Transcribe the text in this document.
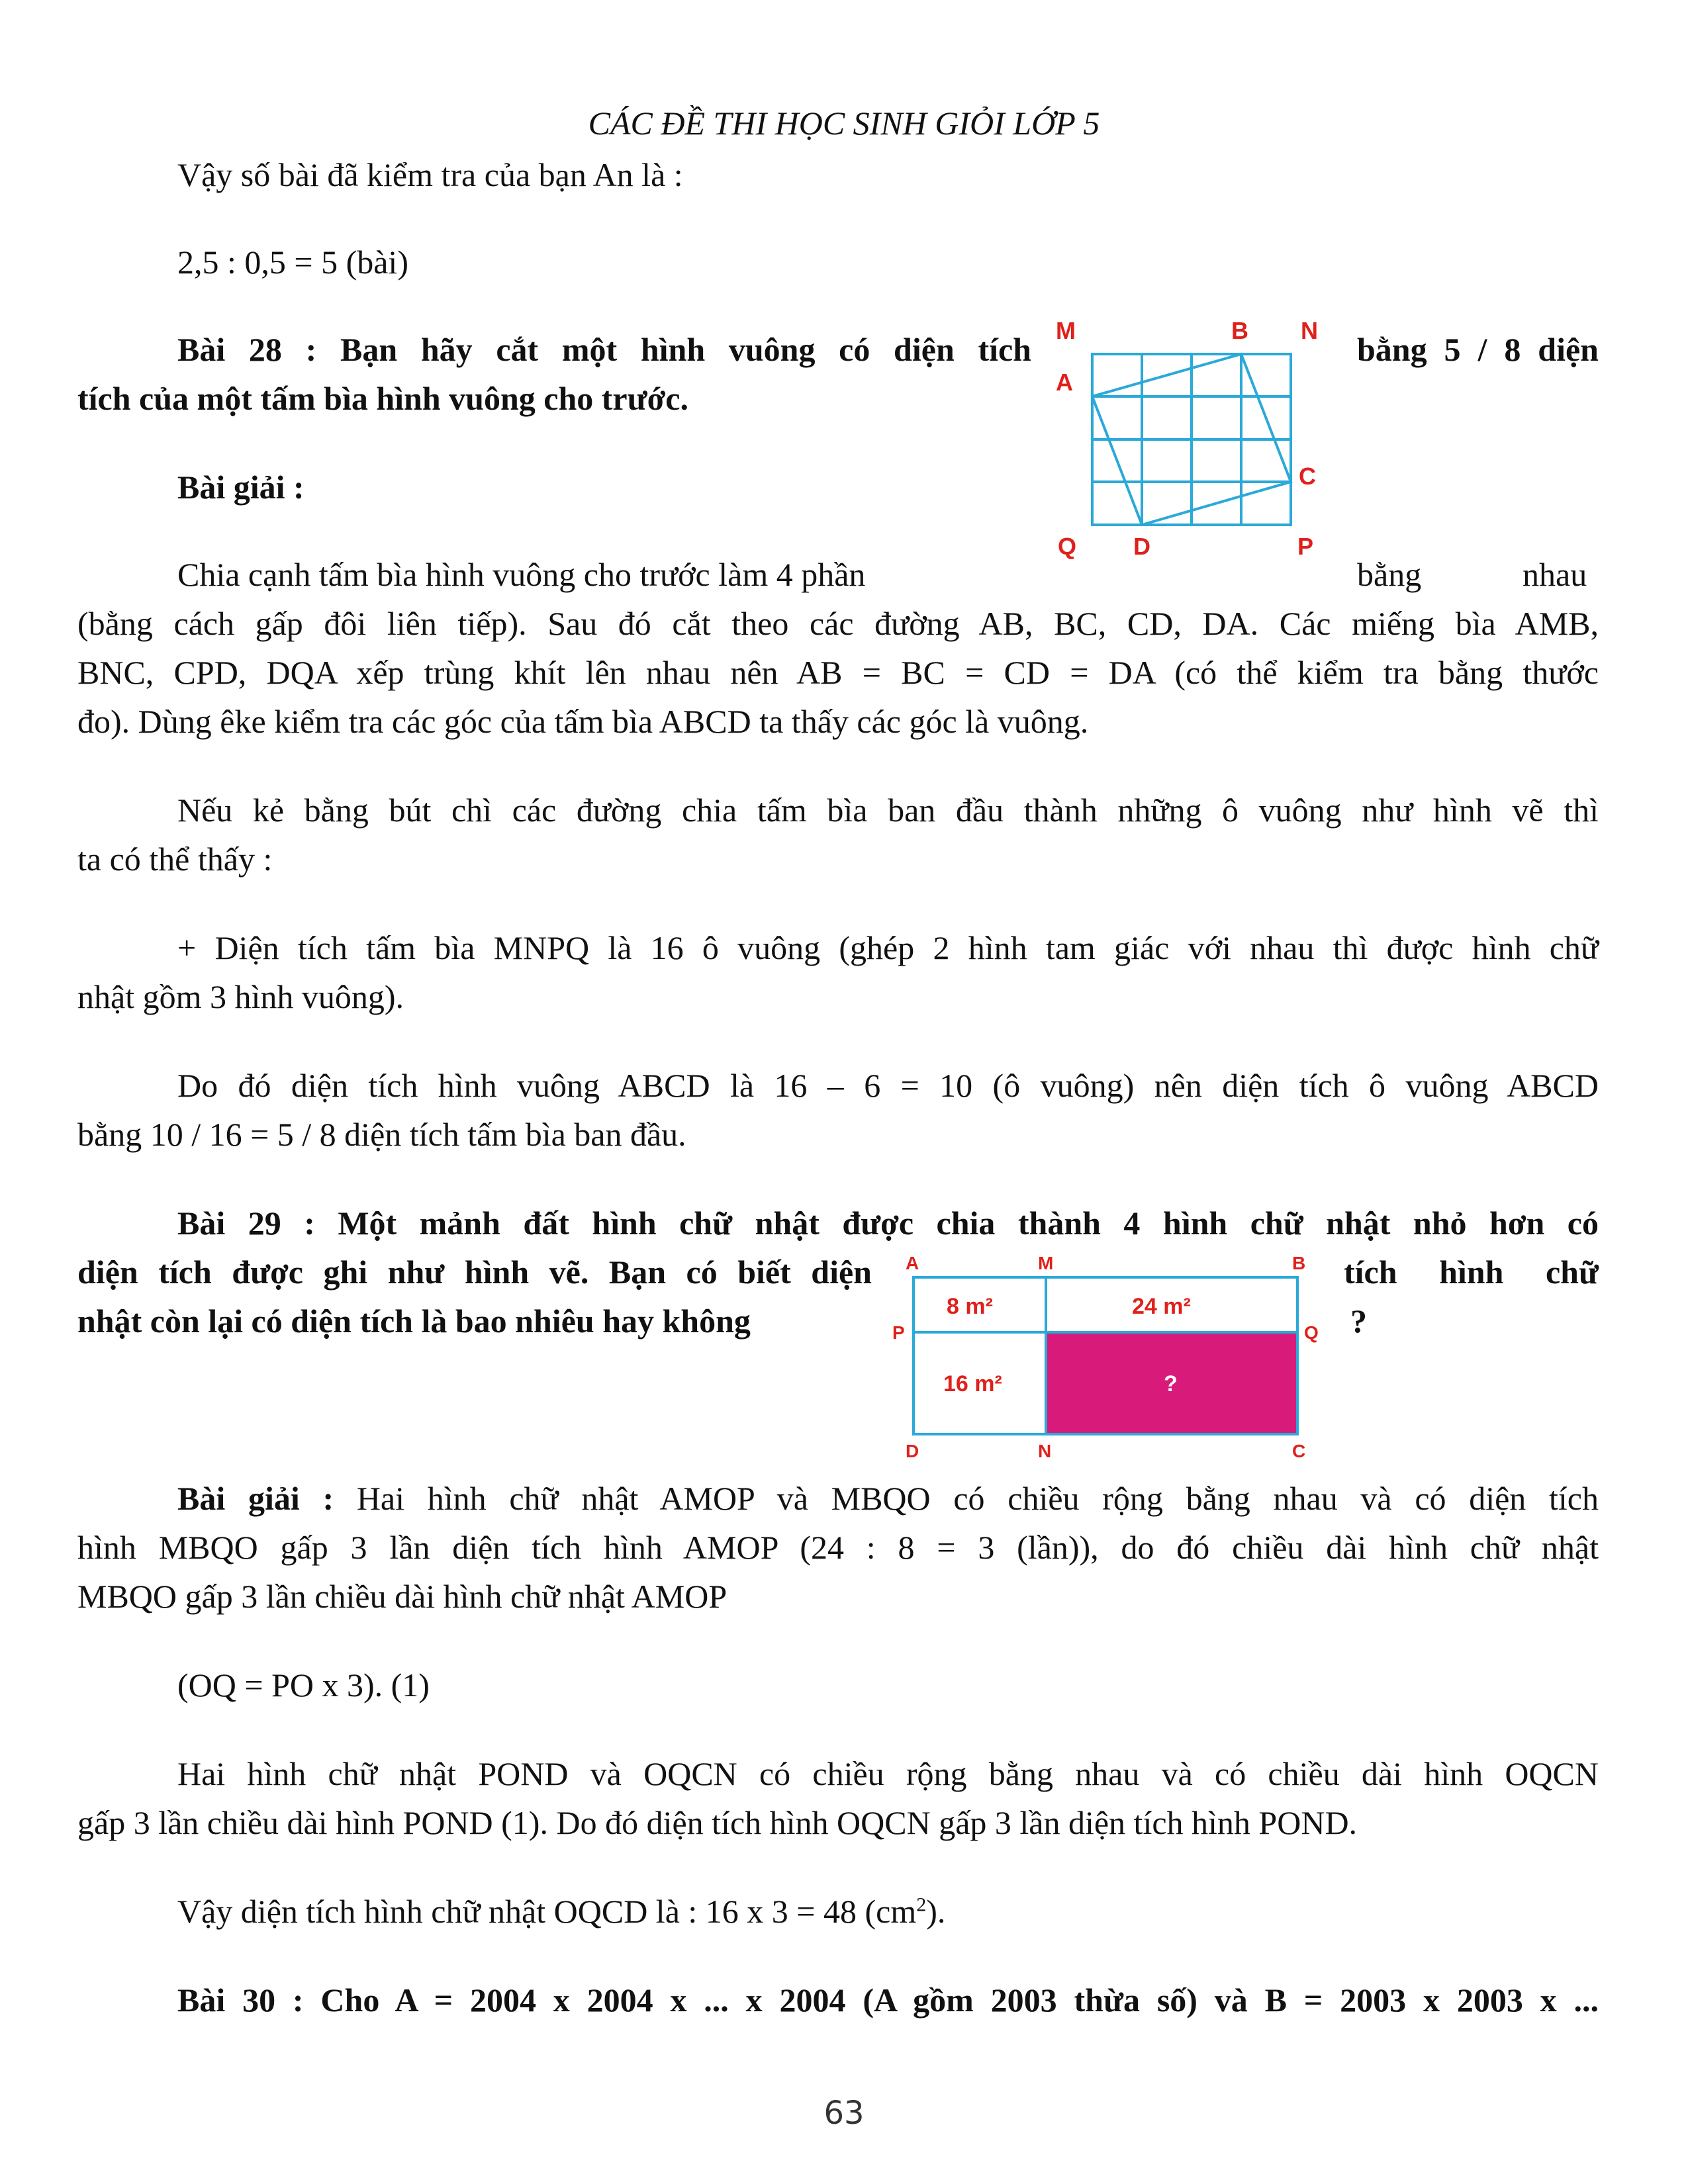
CÁC ĐỀ THI HỌC SINH GIỎI LỚP 5

Vậy số bài đã kiểm tra của bạn An là :

2,5 : 0,5 = 5 (bài)

Bài 28 : Bạn hãy cắt một hình vuông có diện tích	bằng 5 / 8 diện

tích của một tấm bìa hình vuông cho trước.

Bài giải :

M	B N
A
C
Q D	P

Chia cạnh tấm bìa hình vuông cho trước làm 4 phần	bằng	nhau

(bằng cách gấp đôi liên tiếp). Sau đó cắt theo các đường AB, BC, CD, DA. Các miếng bìa AMB,

BNC, CPD, DQA xếp trùng khít lên nhau nên AB = BC = CD = DA (có thể kiểm tra bằng thước

đo). Dùng êke kiểm tra các góc của tấm bìa ABCD ta thấy các góc là vuông.

Nếu kẻ bằng bút chì các đường chia tấm bìa ban đầu thành những ô vuông như hình vẽ thì

ta có thể thấy :

+ Diện tích tấm bìa MNPQ là 16 ô vuông (ghép 2 hình tam giác với nhau thì được hình chữ

nhật gồm 3 hình vuông).

Do đó diện tích hình vuông ABCD là 16 – 6 = 10 (ô vuông) nên diện tích ô vuông ABCD

bằng 10 / 16 = 5 / 8 diện tích tấm bìa ban đầu.

Bài 29 : Một mảnh đất hình chữ nhật được chia thành 4 hình chữ nhật nhỏ hơn có

diện tích được ghi như hình vẽ. Bạn có biết diện	tích hình chữ

nhật còn lại có diện tích là bao nhiêu hay không	?

8 m²	24 m²
16 m²	?
A	M	B
P	Q
D	N	C

Bài giải : Hai hình chữ nhật AMOP và MBQO có chiều rộng bằng nhau và có diện tích

hình MBQO gấp 3 lần diện tích hình AMOP (24 : 8 = 3 (lần)), do đó chiều dài hình chữ nhật

MBQO gấp 3 lần chiều dài hình chữ nhật AMOP

(OQ = PO x 3). (1)

Hai hình chữ nhật POND và OQCN có chiều rộng bằng nhau và có chiều dài hình OQCN

gấp 3 lần chiều dài hình POND (1). Do đó diện tích hình OQCN gấp 3 lần diện tích hình POND.

Vậy diện tích hình chữ nhật OQCD là : 16 x 3 = 48 $(cm^2)$.

Bài 30 : Cho A = 2004 x 2004 x ... x 2004 (A gồm 2003 thừa số) và B = 2003 x 2003 x ...

63
